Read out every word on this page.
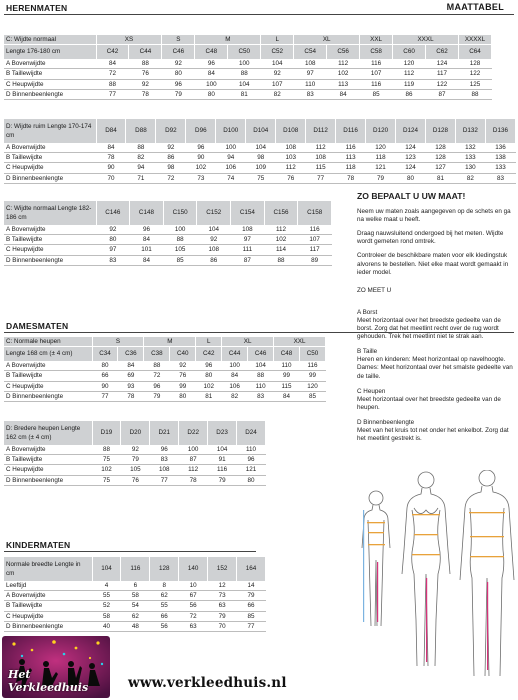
MAATTABEL
HERENMATEN
C: Wijdte normaal	XS		S	M		L	XL		XXL	XXXL		XXXXL
Lengte 176-180 cm	C42	C44	C46	C48	C50	C52	C54	C56	C58	C60	C62	C64
A Bovenwijdte	84	88	92	96	100	104	108	112	116	120	124	128
B Taillewijdte	72	76	80	84	88	92	97	102	107	112	117	122
C Heupwijdte	88	92	96	100	104	107	110	113	116	119	122	125
D Binnenbeenlengte	77	78	79	80	81	82	83	84	85	86	87	88
D: Wijdte ruim Lengte 170-174 cm	D84	D88	D92	D96	D100	D104	D108	D112	D116	D120	D124	D128	D132	D136
A Bovenwijdte	84	88	92	96	100	104	108	112	116	120	124	128	132	136
B Taillewijdte	78	82	86	90	94	98	103	108	113	118	123	128	133	138
C Heupwijdte	90	94	98	102	106	109	112	115	118	121	124	127	130	133
D Binnenbeenlengte	70	71	72	73	74	75	76	77	78	79	80	81	82	83
C: Wijdte normaal Lengte 182-186 cm	C146	C148	C150	C152	C154	C156	C158
A Bovenwijdte	92	96	100	104	108	112	116
B Taillewijdte	80	84	88	92	97	102	107
C Heupwijdte	97	101	105	108	111	114	117
D Binnenbeenlengte	83	84	85	86	87	88	89
DAMESMATEN
C: Normale heupen	S		M		L	XL		XXL	
Lengte 168 cm (± 4 cm)	C34	C36	C38	C40	C42	C44	C46	C48	C50
A Bovenwijdte	80	84	88	92	96	100	104	110	116
B Taillewijdte	66	69	72	76	80	84	88	99	99
C Heupwijdte	90	93	96	99	102	106	110	115	120
D Binnenbeenlengte	77	78	79	80	81	82	83	84	85
D: Bredere heupen Lengte 162 cm (± 4 cm)	D19	D20	D21	D22	D23	D24
A Bovenwijdte	88	92	96	100	104	110
B Taillewijdte	75	79	83	87	91	96
C Heupwijdte	102	105	108	112	116	121
D Binnenbeenlengte	75	76	77	78	79	80
KINDERMATEN
Normale breedte Lengte in cm	104	116	128	140	152	164
Leeftijd	4	6	8	10	12	14
A Bovenwijdte	55	58	62	67	73	79
B Taillewijdte	52	54	55	56	63	66
C Heupwijdte	58	62	66	72	79	85
D Binnenbeenlengte	40	48	56	63	70	77
ZO BEPAALT U UW MAAT!

Neem uw maten zoals aangegeven op de schets en ga na welke maat u heeft.

Draag nauwsluitend ondergoed bij het meten. Wijdte wordt gemeten rond omtrek.

Controleer de beschikbare maten voor elk kledingstuk alvorens te bestellen. Niet elke maat wordt gemaakt in ieder model.

ZO MEET U
A Borst
Meet horizontaal over het breedste gedeelte van de borst. Zorg dat het meetlint recht over de rug wordt gehouden. Trek het meetlint niet te strak aan.
B Taille
Heren en kinderen: Meet horizontaal op navelhoogte. Dames: Meet horizontaal over het smalste gedeelte van de taille.
C Heupen
Meet horizontaal over het breedste gedeelte van de heupen.
D Binnenbeenlengte
Meet van het kruis tot net onder het enkelbot. Zorg dat het meetlint gestrekt is.
Het Verkleedhuis	www.verkleedhuis.nl
